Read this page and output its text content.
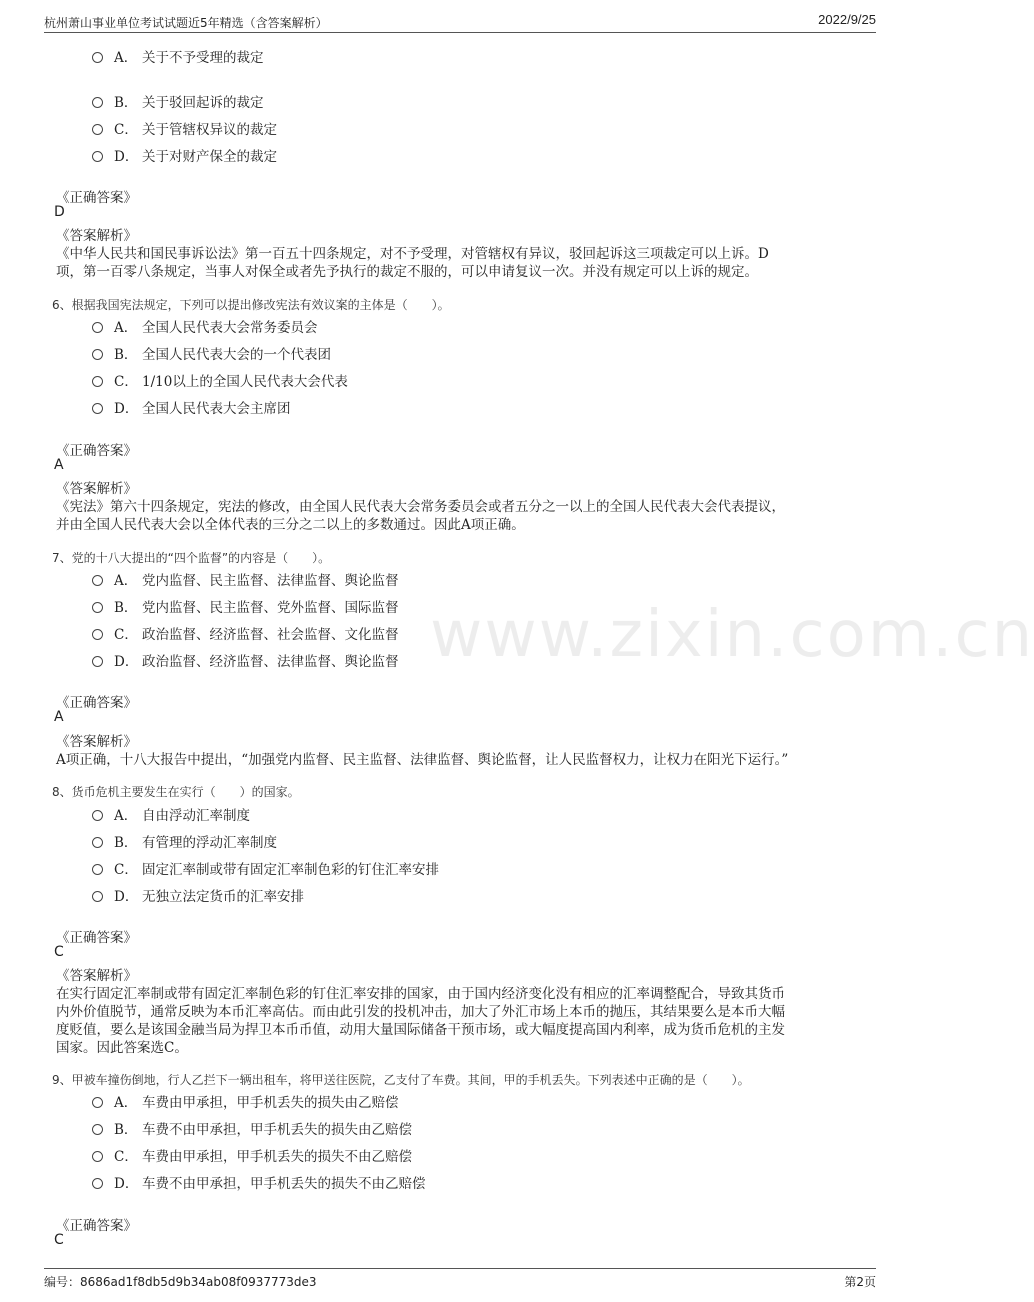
杭州萧山事业单位考试试题近5年精选（含答案解析）	2022/9/25
www.zixin.com.cn
A． 关于不予受理的裁定
B． 关于驳回起诉的裁定
C． 关于管辖权异议的裁定
D． 关于对财产保全的裁定
《正确答案》
D
《答案解析》
《中华人民共和国民事诉讼法》第一百五十四条规定，对不予受理，对管辖权有异议，驳回起诉这三项裁定可以上诉。D
项，第一百零八条规定，当事人对保全或者先予执行的裁定不服的，可以申请复议一次。并没有规定可以上诉的规定。
6、根据我国宪法规定，下列可以提出修改宪法有效议案的主体是（　　）。
A． 全国人民代表大会常务委员会
B． 全国人民代表大会的一个代表团
C． 1/10以上的全国人民代表大会代表
D． 全国人民代表大会主席团
《正确答案》
A
《答案解析》
《宪法》第六十四条规定，宪法的修改，由全国人民代表大会常务委员会或者五分之一以上的全国人民代表大会代表提议，
并由全国人民代表大会以全体代表的三分之二以上的多数通过。因此A项正确。
7、党的十八大提出的“四个监督”的内容是（　　）。
A． 党内监督、民主监督、法律监督、舆论监督
B． 党内监督、民主监督、党外监督、国际监督
C． 政治监督、经济监督、社会监督、文化监督
D． 政治监督、经济监督、法律监督、舆论监督
《正确答案》
A
《答案解析》
A项正确，十八大报告中提出，“加强党内监督、民主监督、法律监督、舆论监督，让人民监督权力，让权力在阳光下运行。”
8、货币危机主要发生在实行（　　）的国家。
A． 自由浮动汇率制度
B． 有管理的浮动汇率制度
C． 固定汇率制或带有固定汇率制色彩的钉住汇率安排
D． 无独立法定货币的汇率安排
《正确答案》
C
《答案解析》
在实行固定汇率制或带有固定汇率制色彩的钉住汇率安排的国家，由于国内经济变化没有相应的汇率调整配合，导致其货币
内外价值脱节，通常反映为本币汇率高估。而由此引发的投机冲击，加大了外汇市场上本币的抛压，其结果要么是本币大幅
度贬值，要么是该国金融当局为捍卫本币币值，动用大量国际储备干预市场，或大幅度提高国内利率，成为货币危机的主发
国家。因此答案选C。
9、甲被车撞伤倒地，行人乙拦下一辆出租车，将甲送往医院，乙支付了车费。其间，甲的手机丢失。下列表述中正确的是（　　）。
A． 车费由甲承担，甲手机丢失的损失由乙赔偿
B． 车费不由甲承担，甲手机丢失的损失由乙赔偿
C． 车费由甲承担，甲手机丢失的损失不由乙赔偿
D． 车费不由甲承担，甲手机丢失的损失不由乙赔偿
《正确答案》
C
编号：8686ad1f8db5d9b34ab08f0937773de3	第2页
